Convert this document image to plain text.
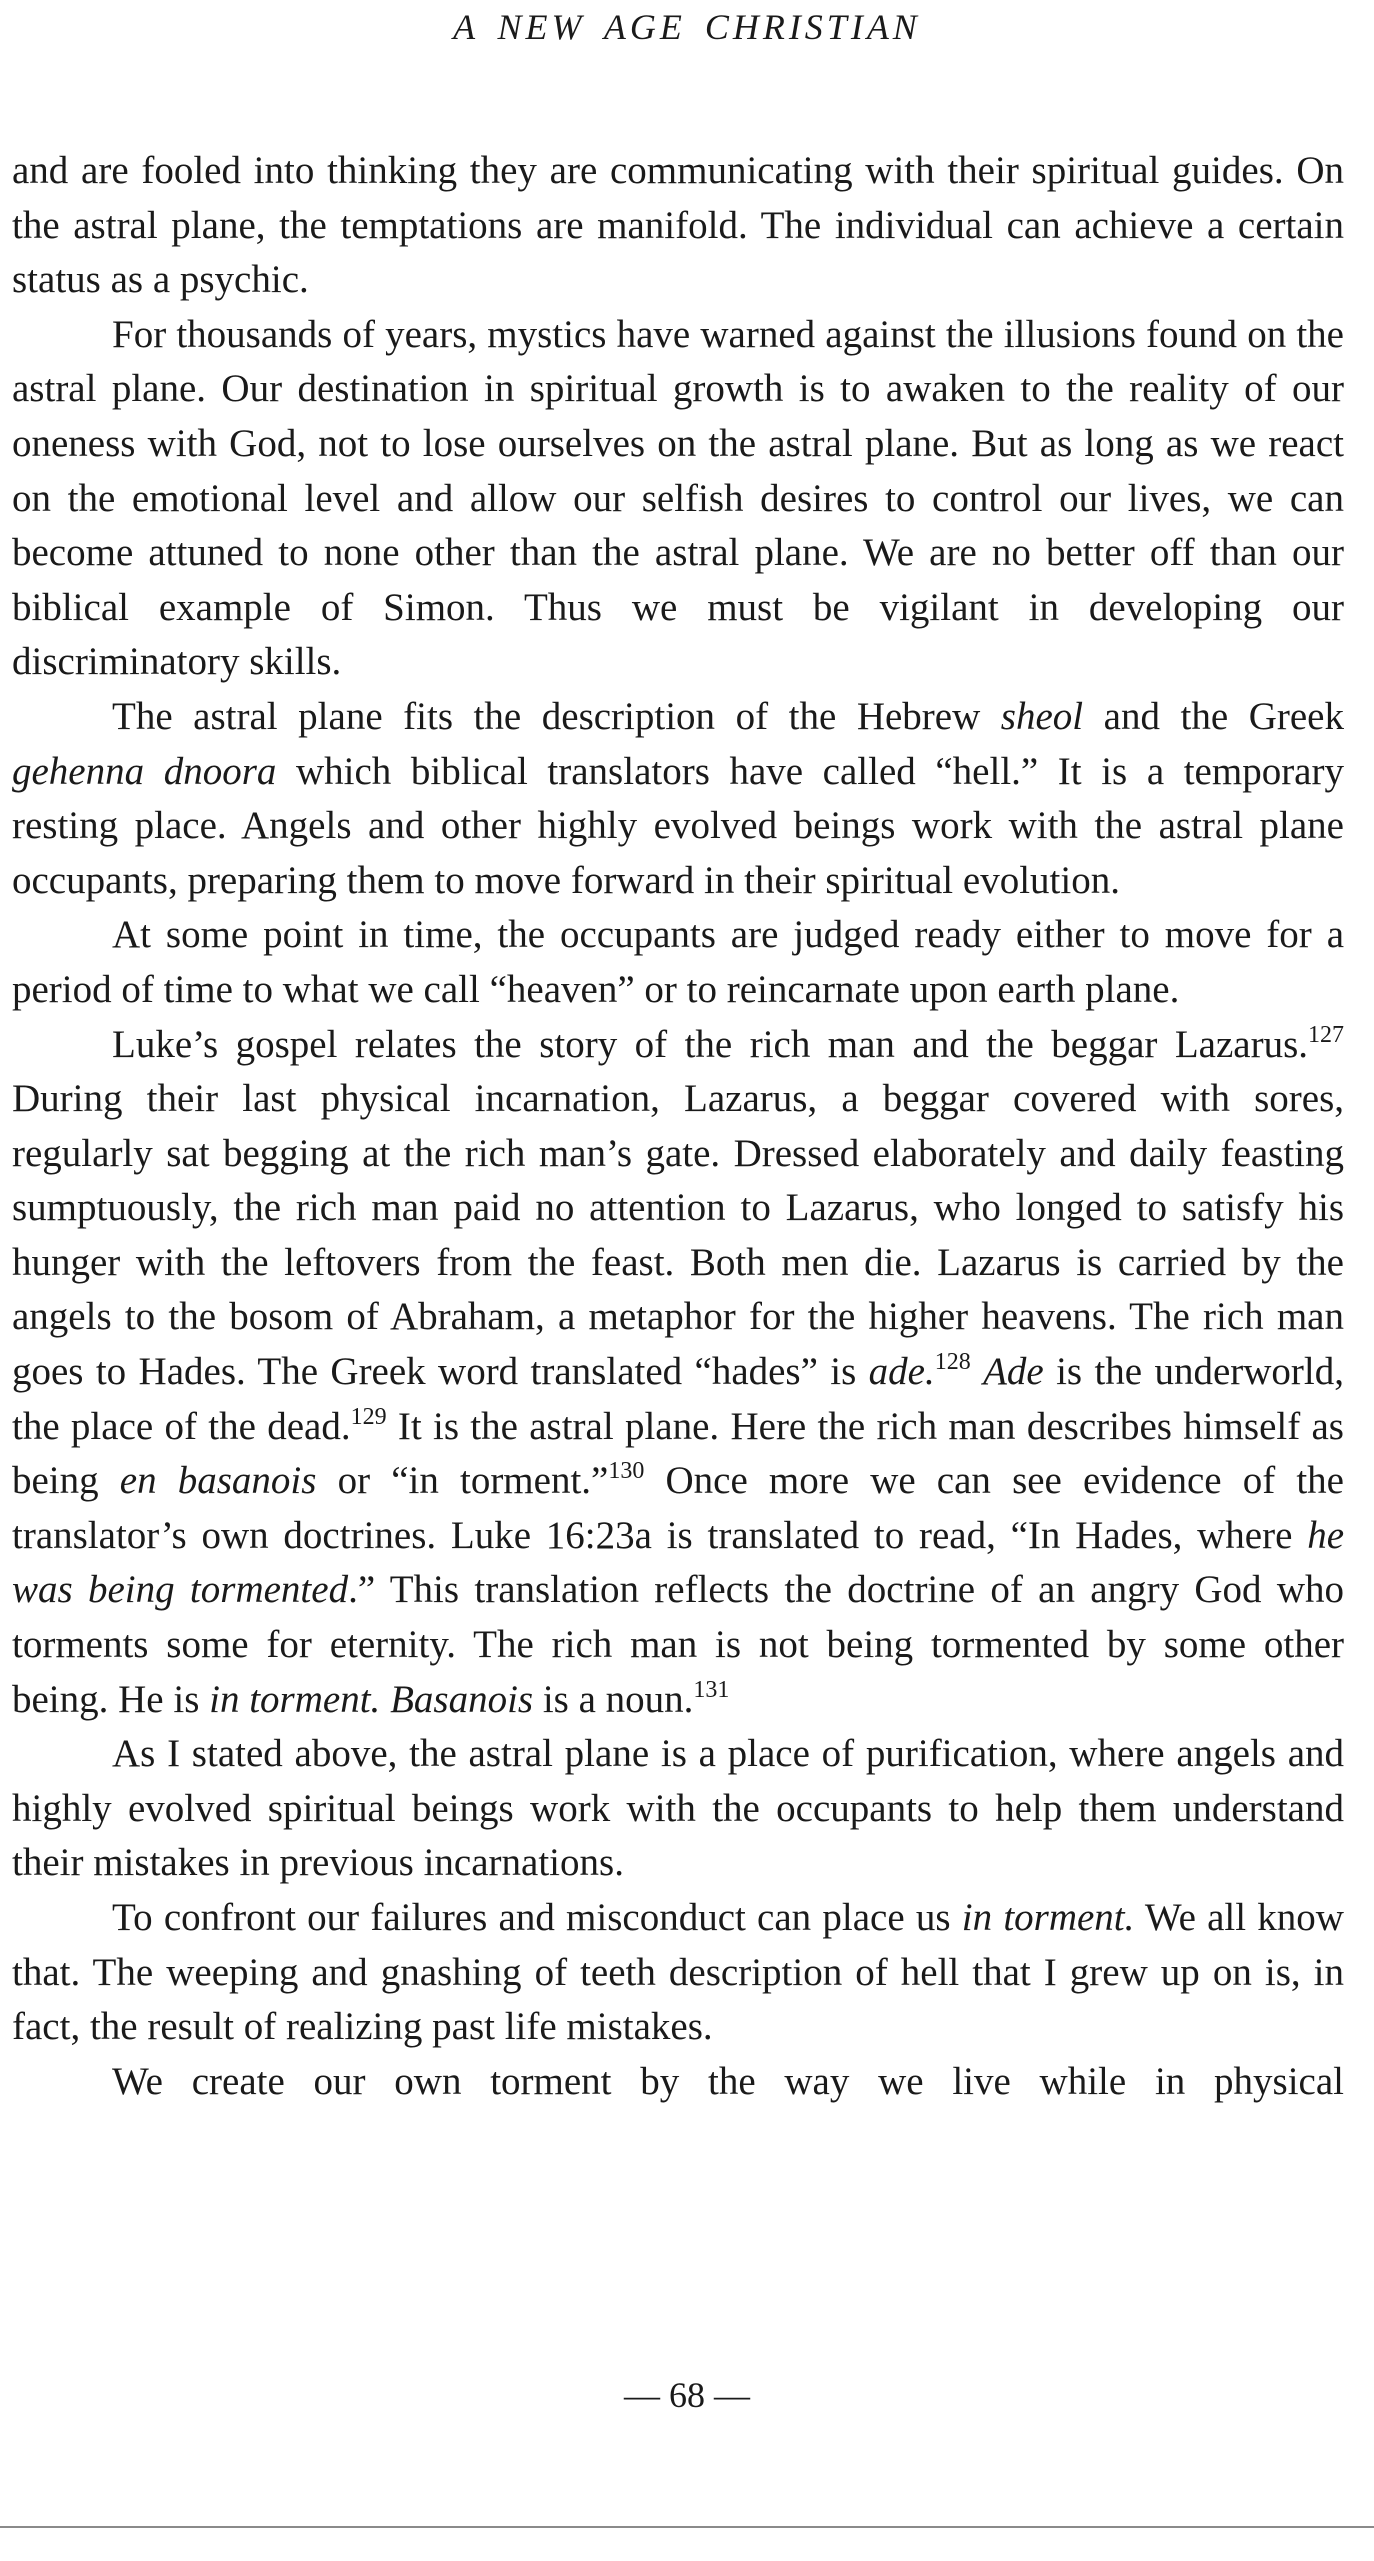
A NEW AGE CHRISTIAN

and are fooled into thinking they are communicating with their spiritual guides. On the astral plane, the temptations are manifold. The individual can achieve a certain status as a psychic.

For thousands of years, mystics have warned against the illusions found on the astral plane. Our destination in spiritual growth is to awaken to the reality of our oneness with God, not to lose ourselves on the astral plane. But as long as we react on the emotional level and allow our selfish desires to control our lives, we can become attuned to none other than the astral plane. We are no better off than our biblical example of Simon. Thus we must be vigilant in developing our discriminatory skills.

The astral plane fits the description of the Hebrew sheol and the Greek gehenna dnoora which biblical translators have called “hell.” It is a temporary resting place. Angels and other highly evolved beings work with the astral plane occupants, preparing them to move forward in their spiritual evolution.

At some point in time, the occupants are judged ready either to move for a period of time to what we call “heaven” or to reincarnate upon earth plane.

Luke’s gospel relates the story of the rich man and the beggar Lazarus.$^{127}$ During their last physical incarnation, Lazarus, a beggar covered with sores, regularly sat begging at the rich man’s gate. Dressed elaborately and daily feasting sumptuously, the rich man paid no attention to Lazarus, who longed to satisfy his hunger with the leftovers from the feast. Both men die. Lazarus is carried by the angels to the bosom of Abraham, a metaphor for the higher heavens. The rich man goes to Hades. The Greek word translated “hades” is ade.$^{128}$ Ade is the underworld, the place of the dead.$^{129}$ It is the astral plane. Here the rich man describes himself as being en basanois or “in torment.”$^{130}$ Once more we can see evidence of the translator’s own doctrines. Luke 16:23a is translated to read, “In Hades, where he was being tormented.” This translation reflects the doctrine of an angry God who torments some for eternity. The rich man is not being tormented by some other being. He is in torment. Basanois is a noun.$^{131}$

As I stated above, the astral plane is a place of purification, where angels and highly evolved spiritual beings work with the occupants to help them understand their mistakes in previous incarnations.

To confront our failures and misconduct can place us in torment. We all know that. The weeping and gnashing of teeth description of hell that I grew up on is, in fact, the result of realizing past life mistakes.

We create our own torment by the way we live while in physical

— 68 —
